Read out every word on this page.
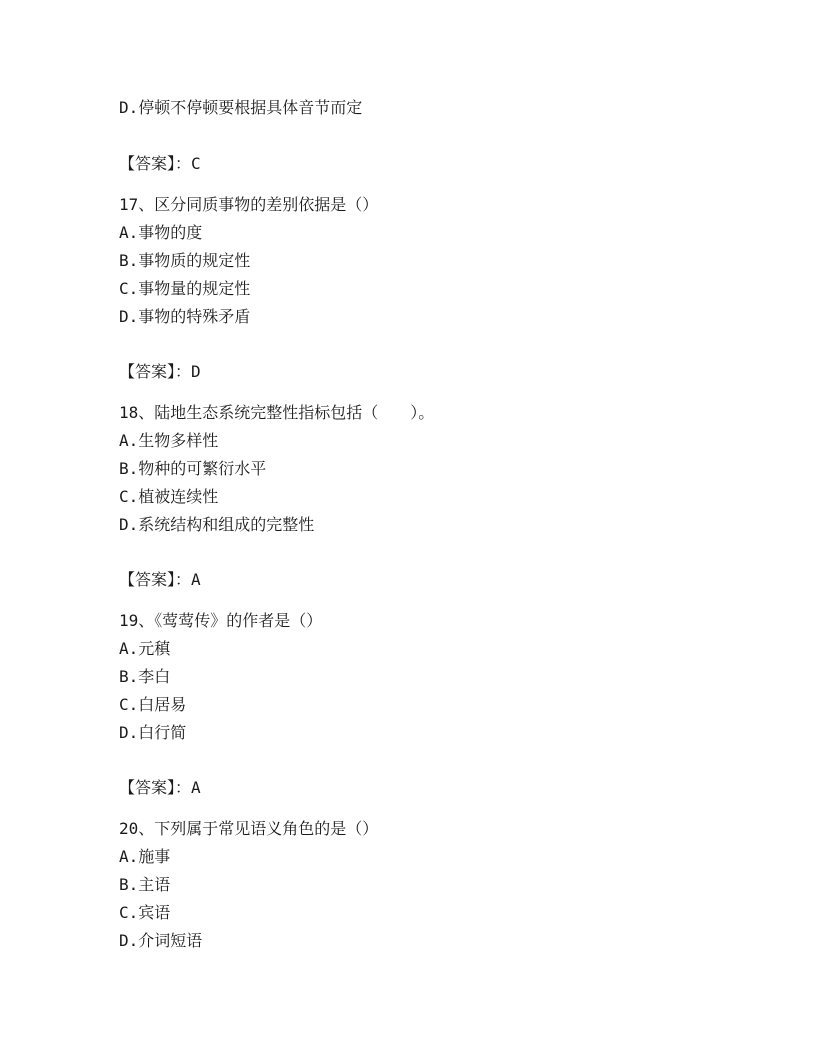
D.停顿不停顿要根据具体音节而定
【答案】：C
17、区分同质事物的差别依据是（）
A.事物的度
B.事物质的规定性
C.事物量的规定性
D.事物的特殊矛盾
【答案】：D
18、陆地生态系统完整性指标包括（　　）。
A.生物多样性
B.物种的可繁衍水平
C.植被连续性
D.系统结构和组成的完整性
【答案】：A
19、《莺莺传》的作者是（）
A.元稹
B.李白
C.白居易
D.白行简
【答案】：A
20、下列属于常见语义角色的是（）
A.施事
B.主语
C.宾语
D.介词短语
